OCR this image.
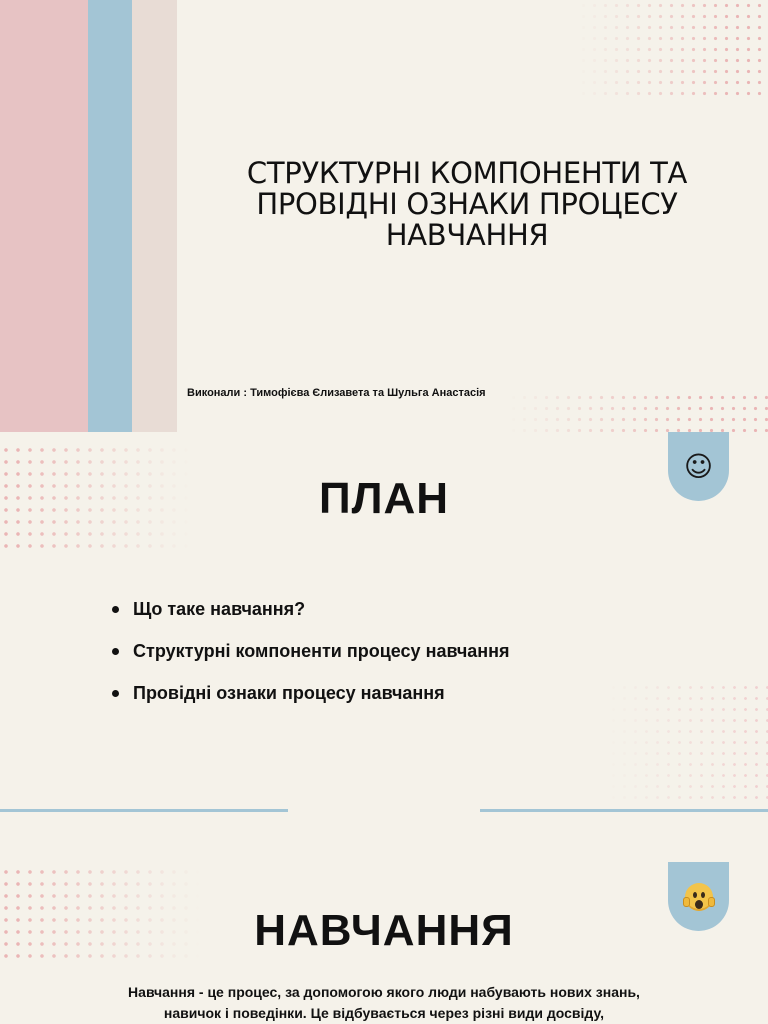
СТРУКТУРНІ КОМПОНЕНТИ ТА ПРОВІДНІ ОЗНАКИ ПРОЦЕСУ НАВЧАННЯ

Виконали : Тимофієва Єлизавета та Шульга Анастасія

☺
ПЛАН
Що таке навчання?
Структурні компоненти процесу навчання
Провідні ознаки процесу навчання
НАВЧАННЯ

Навчання - це процес, за допомогою якого люди набувають нових знань, навичок і поведінки. Це відбувається через різні види досвіду,
